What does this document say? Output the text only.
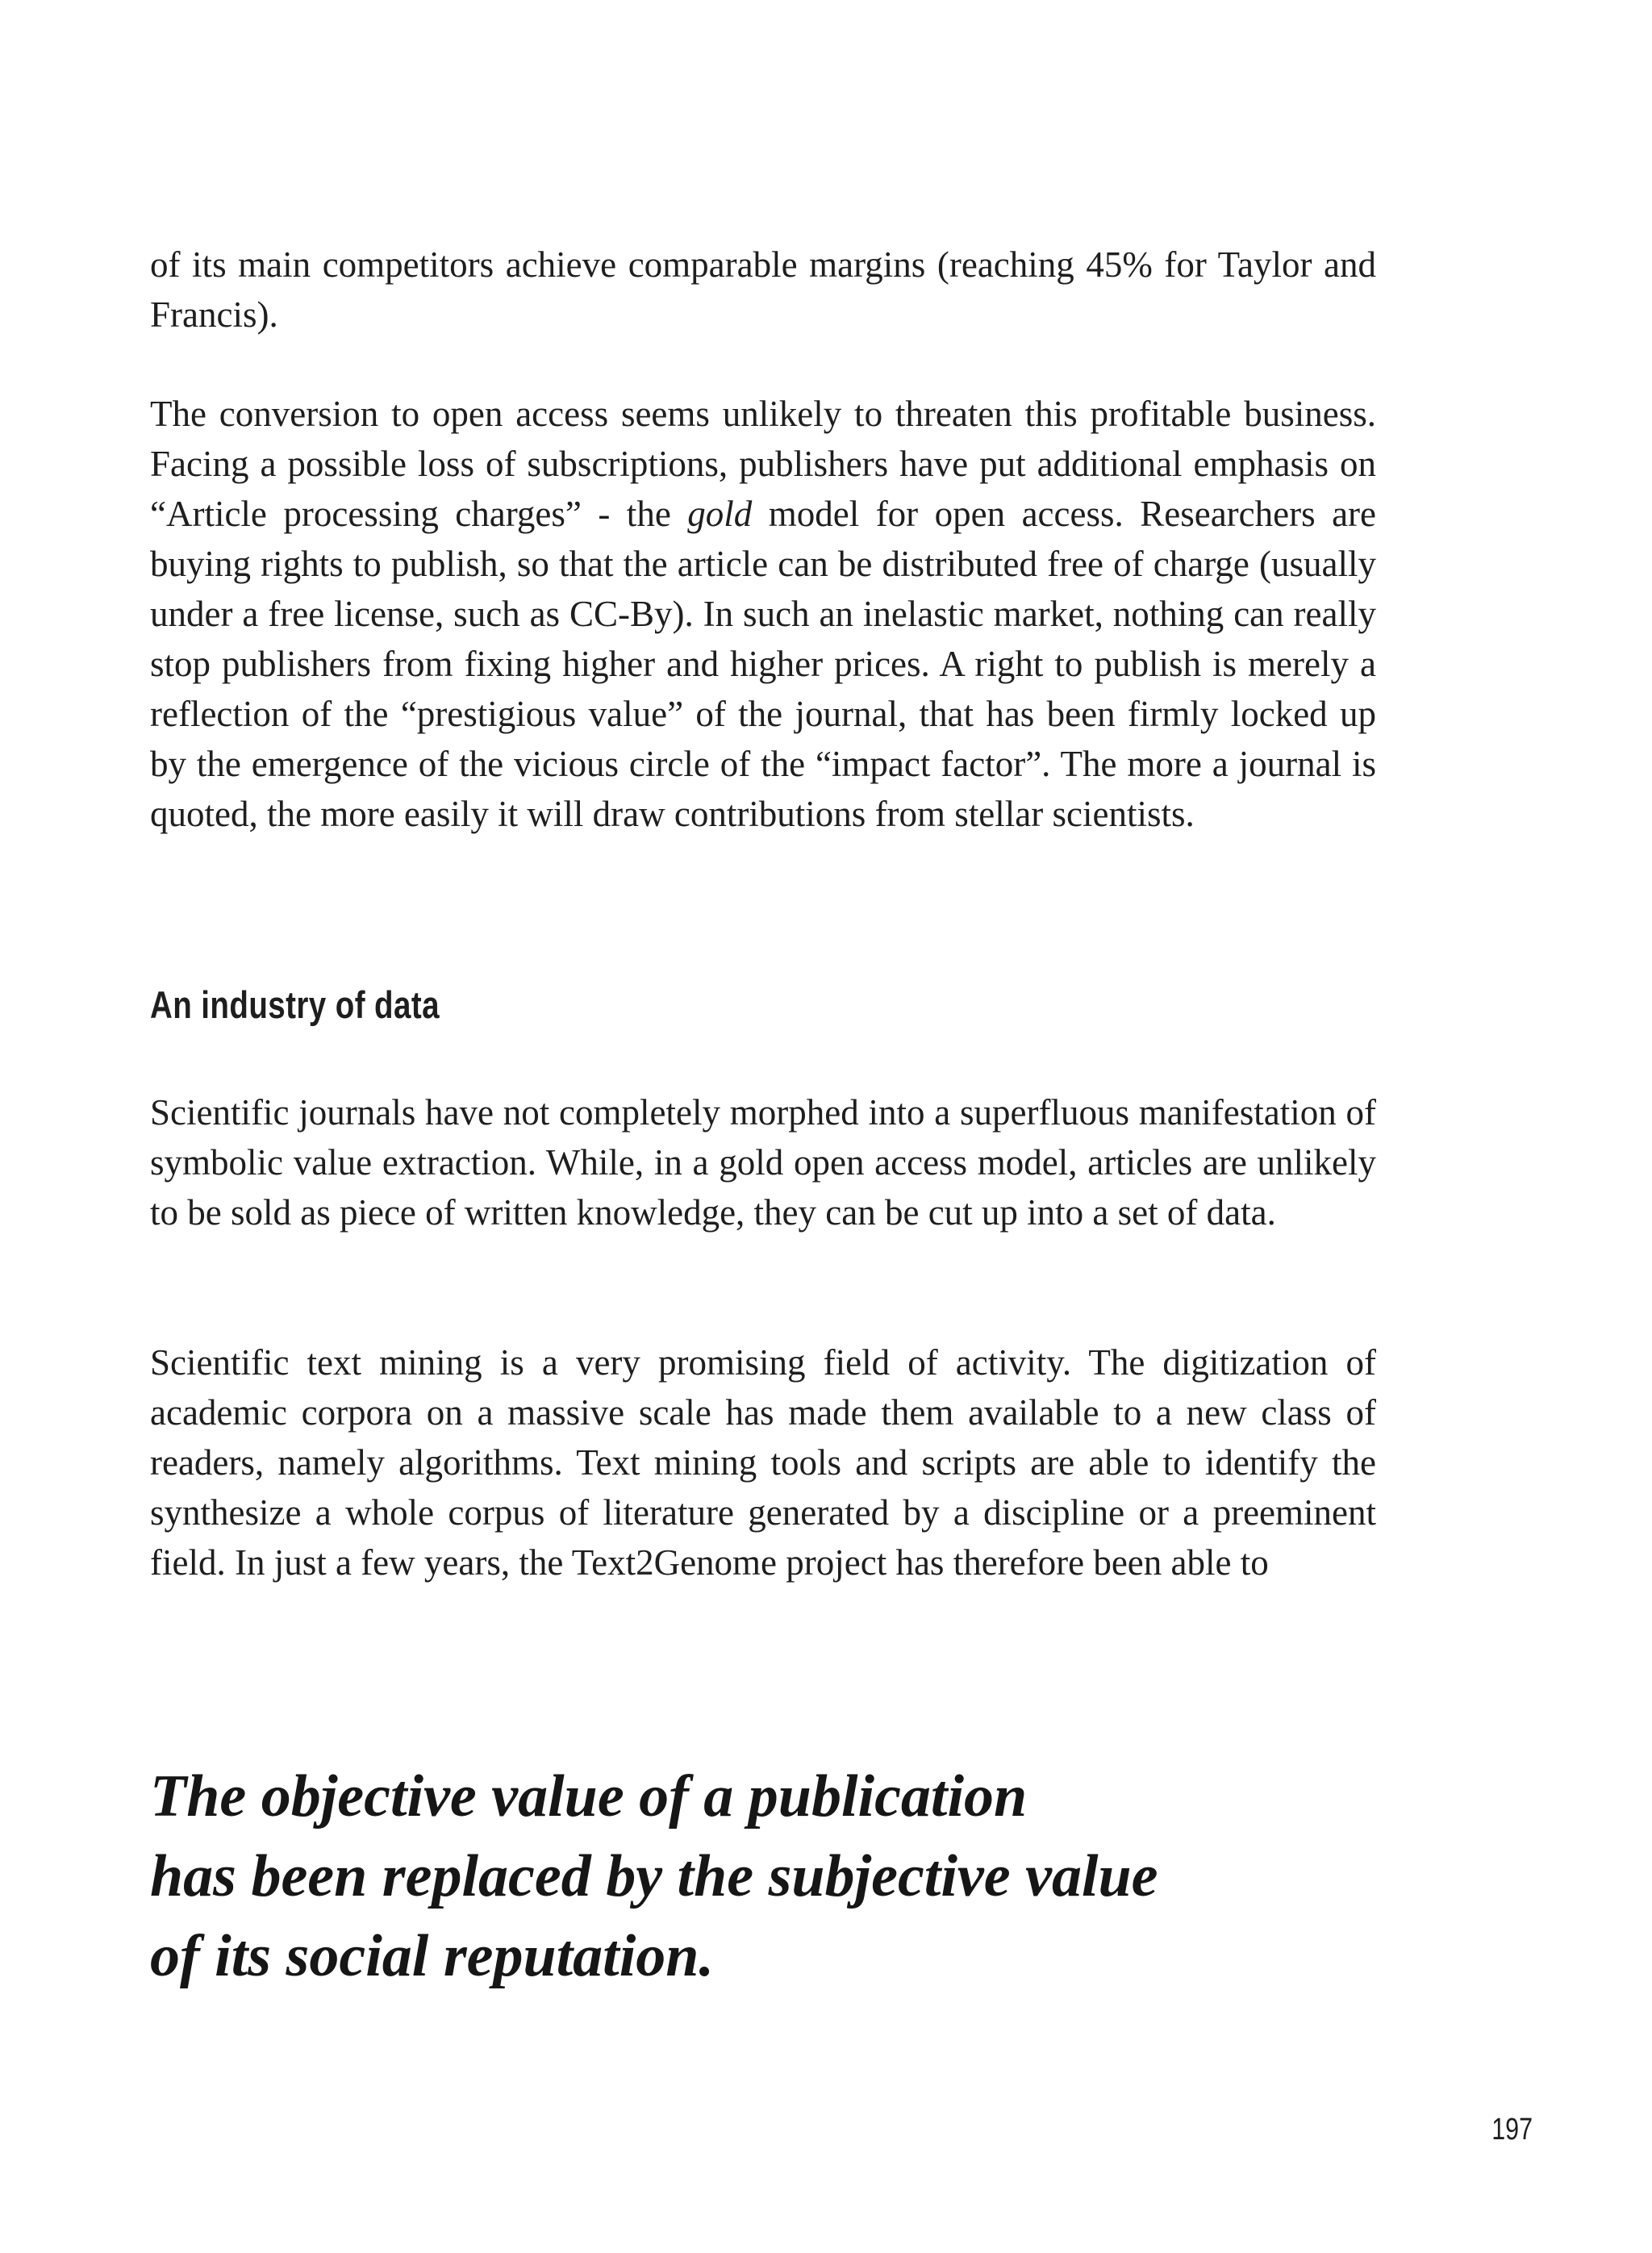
of its main competitors achieve comparable margins (reaching 45% for Taylor and Francis).

The conversion to open access seems unlikely to threaten this profitable business. Facing a possible loss of subscriptions, publishers have put additional emphasis on “Article processing charges” - the gold model for open access. Researchers are buying rights to publish, so that the article can be distributed free of charge (usually under a free license, such as CC-By). In such an inelastic market, nothing can really stop publishers from fixing higher and higher prices. A right to publish is merely a reflection of the “prestigious value” of the journal, that has been firmly locked up by the emergence of the vicious circle of the “impact factor”. The more a journal is quoted, the more easily it will draw contributions from stellar scientists.

An industry of data

Scientific journals have not completely morphed into a superfluous manifestation of symbolic value extraction. While, in a gold open access model, articles are unlikely to be sold as piece of written knowledge, they can be cut up into a set of data.

Scientific text mining is a very promising field of activity. The digitization of academic corpora on a massive scale has made them available to a new class of readers, namely algorithms. Text mining tools and scripts are able to identify the synthesize a whole corpus of literature generated by a discipline or a preeminent field. In just a few years, the Text2Genome project has therefore been able to

The objective value of a publication
has been replaced by the subjective value
of its social reputation.
197
